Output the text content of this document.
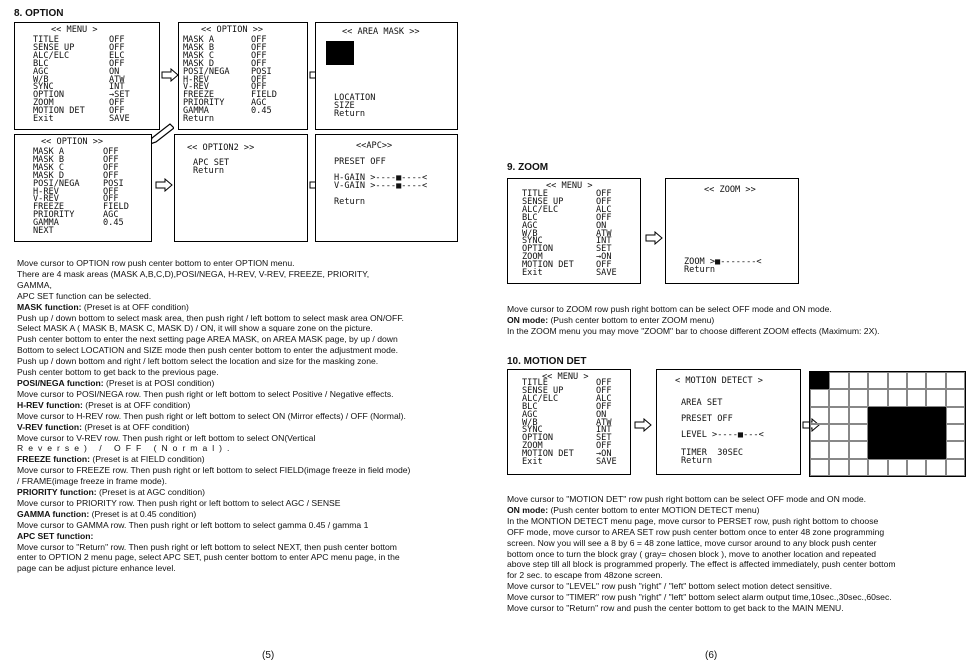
8. OPTION
<< MENU >
TITLE	OFF
SENSE UP	OFF
ALC/ELC	ELC
BLC	OFF
AGC	ON
W/B	ATW
SYNC	INT
OPTION	→SET
ZOOM	OFF
MOTION DET	OFF
Exit	SAVE
<< OPTION >>
MASK A	OFF
MASK B	OFF
MASK C	OFF
MASK D	OFF
POSI/NEGA POSI
H-REV	OFF
V-REV	OFF
FREEZE	FIELD
PRIORITY	AGC
GAMMA	0.45
Return
<< AREA MASK >>
LOCATION
SIZE
Return
<< OPTION >>
MASK A	OFF
MASK B	OFF
MASK C	OFF
MASK D	OFF
POSI/NEGA	POSI
H-REV	OFF
V-REV	OFF
FREEZE	FIELD
PRIORITY	AGC
GAMMA	0.45
NEXT
<< OPTION2 >>
APC SET
Return
<<APC>>
PRESET OFF
H-GAIN >----■----<
V-GAIN >----■----<
Return

Move cursor to OPTION row push center bottom to enter OPTION menu.

There are 4 mask areas (MASK A,B,C,D),POSI/NEGA, H-REV, V-REV, FREEZE, PRIORITY,

GAMMA,

APC SET function can be selected.

MASK function: (Preset is at OFF condition)

Push up / down bottom to select mask area, then push right / left bottom to select mask area ON/OFF.

Select MASK A ( MASK B, MASK C, MASK D) / ON, it will show a square zone on the picture.

Push center bottom to enter the next setting page AREA MASK, on AREA MASK page, by up / down

Bottom to select LOCATION and SIZE mode then push center bottom to enter the adjustment mode.

Push up / down bottom and right / left bottom select the location and size for the masking zone.

Push center bottom to get back to the previous page.

POSI/NEGA function: (Preset is at POSI condition)

Move cursor to POSI/NEGA row. Then push right or left bottom to select Positive / Negative effects.

H-REV function: (Preset is at OFF condition)

Move cursor to H-REV row. Then push right or left bottom to select ON (Mirror effects) / OFF (Normal).

V-REV function: (Preset is at OFF condition)

Move cursor to V-REV row. Then push right or left bottom to select ON(Vertical

Reverse) / OFF (Normal).

FREEZE function: (Preset is at FIELD condition)

Move cursor to FREEZE row. Then push right or left bottom to select FIELD(image freeze in field mode)

/ FRAME(image freeze in frame mode).

PRIORITY function: (Preset is at AGC condition)

Move cursor to PRIORITY row. Then push right or left bottom to select AGC / SENSE

GAMMA function: (Preset is at 0.45 condition)

Move cursor to GAMMA row. Then push right or left bottom to select gamma 0.45 / gamma 1

APC SET function:

Move cursor to "Return" row. Then push right or left bottom to select NEXT, then push center bottom

enter to OPTION 2 menu page, select APC SET, push center bottom to enter APC menu page, in the

page can be adjust picture enhance level.

(5)
9. ZOOM
<< MENU >
TITLE	OFF
SENSE UP	OFF
ALC/ELC	ALC
BLC	OFF
AGC	ON
W/B	ATW
SYNC	INT
OPTION	SET
ZOOM	→ON
MOTION DET	OFF
Exit	SAVE
<< ZOOM >>
ZOOM >■-------<
Return

Move cursor to ZOOM row push right bottom can be select OFF mode and ON mode.

ON mode: (Push center bottom to enter ZOOM menu)

In the ZOOM menu you may move "ZOOM" bar to choose different ZOOM effects (Maximum: 2X).

10. MOTION DET
<< MENU >
TITLE	OFF
SENSE UP	OFF
ALC/ELC	ALC
BLC	OFF
AGC	ON
W/B	ATW
SYNC	INT
OPTION	SET
ZOOM	OFF
MOTION DET	→ON
Exit	SAVE
< MOTION DETECT >
AREA SET
PRESET OFF
LEVEL >----■---<
TIMER  30SEC
Return

Move cursor to "MOTION DET" row push right bottom can be select OFF mode and ON mode.

ON mode: (Push center bottom to enter MOTION DETECT menu)

In the MONTION DETECT menu page, move cursor to PERSET row, push right bottom to choose

OFF mode, move cursor to AREA SET row push center bottom once to enter 48 zone programming

screen. Now you will see a 8 by 6 = 48 zone lattice, move cursor around to any block push center

bottom once to turn the block gray ( gray= chosen block ), move to another location and repeated

above step till all block is programmed properly. The effect is affected immediately, push center bottom

for 2 sec. to escape from 48zone screen.

Move cursor to "LEVEL" row push "right" / "left" bottom select motion detect sensitive.

Move cursor to "TIMER" row push "right" / "left" bottom select alarm output time,10sec.,30sec.,60sec.

Move cursor to "Return" row and push the center bottom to get back to the MAIN MENU.

(6)
